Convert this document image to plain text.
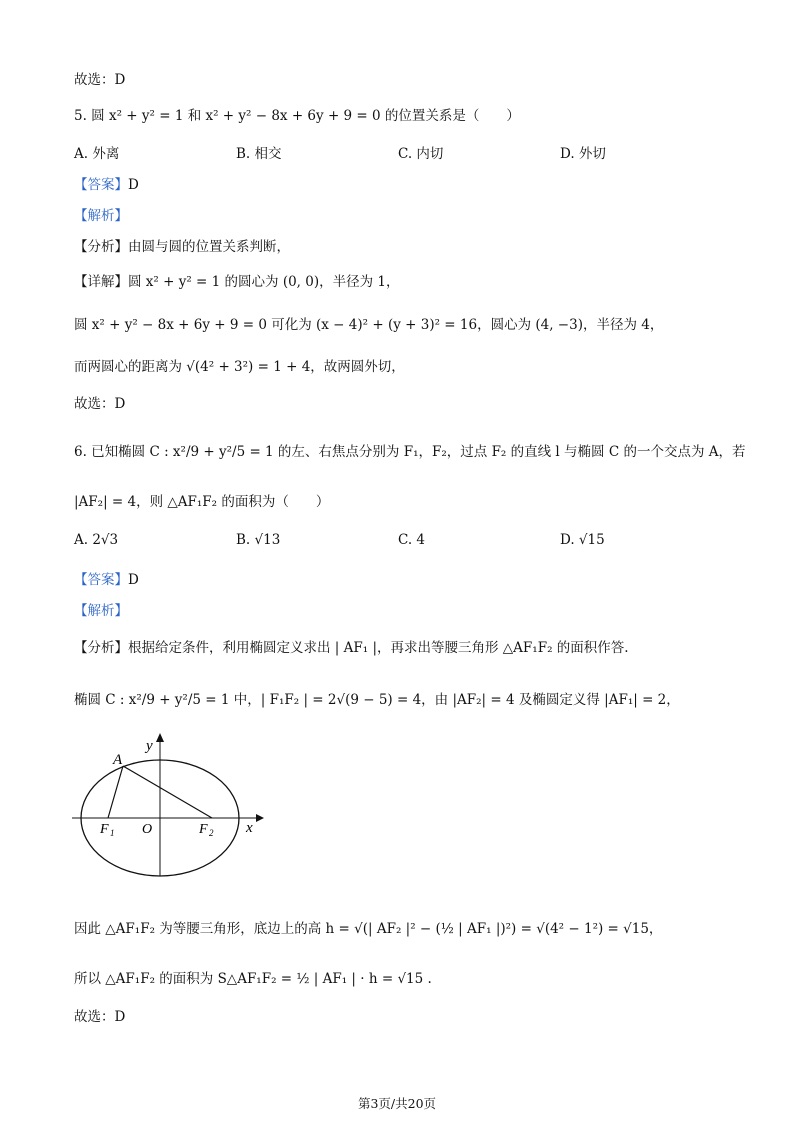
故选：D
5. 圆 x² + y² = 1 和 x² + y² − 8x + 6y + 9 = 0 的位置关系是（　　）
A. 外离	B. 相交	C. 内切	D. 外切
【答案】D
【解析】
【分析】由圆与圆的位置关系判断，
【详解】圆 x² + y² = 1 的圆心为 (0, 0)，半径为 1，
圆 x² + y² − 8x + 6y + 9 = 0 可化为 (x − 4)² + (y + 3)² = 16，圆心为 (4, −3)，半径为 4，
而两圆心的距离为 √(4² + 3²) = 1 + 4，故两圆外切，
故选：D
6. 已知椭圆 C : x²/9 + y²/5 = 1 的左、右焦点分别为 F₁，F₂，过点 F₂ 的直线 l 与椭圆 C 的一个交点为 A，若
|AF₂| = 4，则 △AF₁F₂ 的面积为（　　）
A. 2√3	B. √13	C. 4	D. √15
【答案】D
【解析】
【分析】根据给定条件，利用椭圆定义求出 | AF₁ |，再求出等腰三角形 △AF₁F₂ 的面积作答.
椭圆 C : x²/9 + y²/5 = 1 中，| F₁F₂ | = 2√(9 − 5) = 4，由 |AF₂| = 4 及椭圆定义得 |AF₁| = 2，
y
x
A
O
F 1	F 2
因此 △AF₁F₂ 为等腰三角形，底边上的高 h = √(| AF₂ |² − (½ | AF₁ |)²) = √(4² − 1²) = √15，
所以 △AF₁F₂ 的面积为 S△AF₁F₂ = ½ | AF₁ | · h = √15 .
故选：D
第3页/共20页
